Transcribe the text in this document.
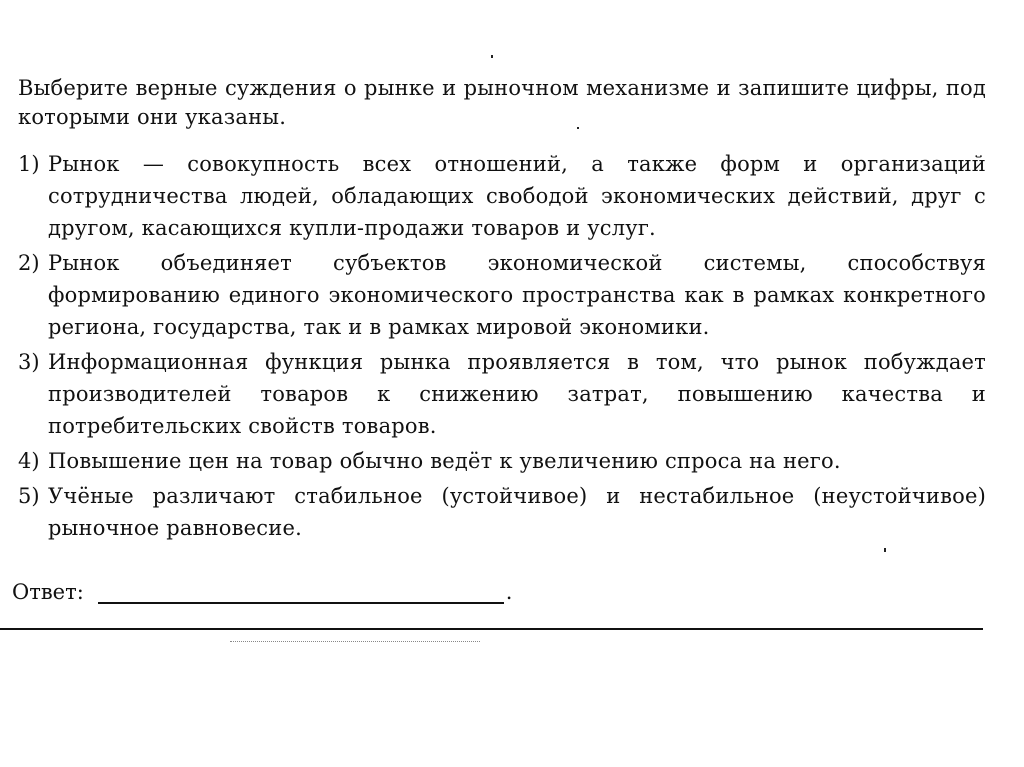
Выберите верные суждения о рынке и рыночном механизме и запишите цифры, под которыми они указаны.
1) Рынок — совокупность всех отношений, а также форм и организаций сотрудничества людей, обладающих свободой экономических действий, друг с другом, касающихся купли-продажи товаров и услуг.
2) Рынок объединяет субъектов экономической системы, способствуя формированию единого экономического пространства как в рамках конкретного региона, государства, так и в рамках мировой экономики.
3) Информационная функция рынка проявляется в том, что рынок побуждает производителей товаров к снижению затрат, повышению качества и потребительских свойств товаров.
4) Повышение цен на товар обычно ведёт к увеличению спроса на него.
5) Учёные различают стабильное (устойчивое) и нестабильное (неустойчивое) рыночное равновесие.
Ответ:	.
